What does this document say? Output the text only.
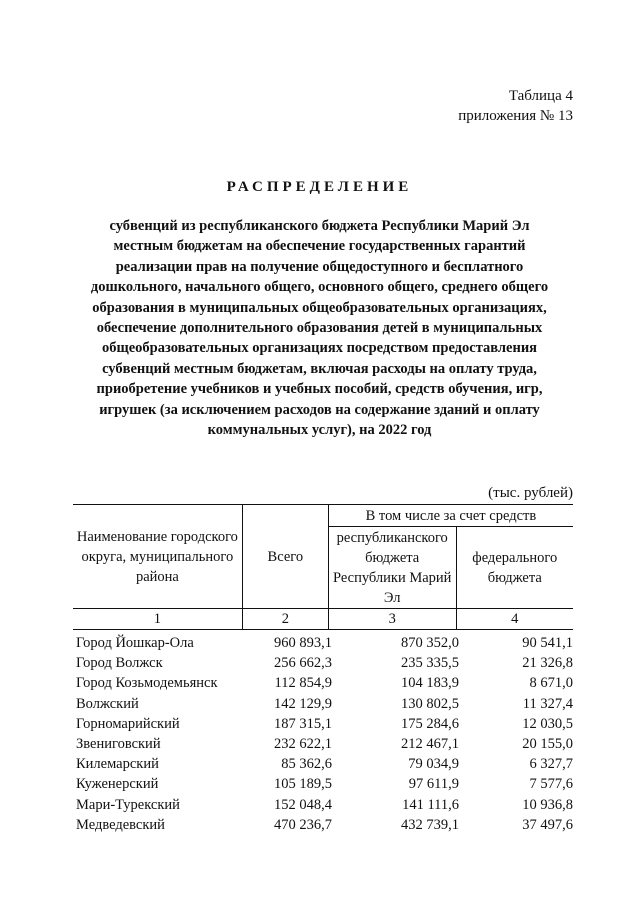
Таблица 4
приложения № 13
РАСПРЕДЕЛЕНИЕ
субвенций из республиканского бюджета Республики Марий Эл
местным бюджетам на обеспечение государственных гарантий
реализации прав на получение общедоступного и бесплатного
дошкольного, начального общего, основного общего, среднего общего
образования в муниципальных общеобразовательных организациях,
обеспечение дополнительного образования детей в муниципальных
общеобразовательных организациях посредством предоставления
субвенций местным бюджетам, включая расходы на оплату труда,
приобретение учебников и учебных пособий, средств обучения, игр,
игрушек (за исключением расходов на содержание зданий и оплату
коммунальных услуг), на 2022 год
(тыс. рублей)
Наименование городского округа, муниципального района	Всего	В том числе за счет средств	
		республиканского бюджета Республики Марий Эл	федерального бюджета
1	2	3	4
Город Йошкар-Ола	960 893,1	870 352,0	90 541,1
Город Волжск	256 662,3	235 335,5	21 326,8
Город Козьмодемьянск	112 854,9	104 183,9	8 671,0
Волжский	142 129,9	130 802,5	11 327,4
Горномарийский	187 315,1	175 284,6	12 030,5
Звениговский	232 622,1	212 467,1	20 155,0
Килемарский	85 362,6	79 034,9	6 327,7
Куженерский	105 189,5	97 611,9	7 577,6
Мари-Турекский	152 048,4	141 111,6	10 936,8
Медведевский	470 236,7	432 739,1	37 497,6
